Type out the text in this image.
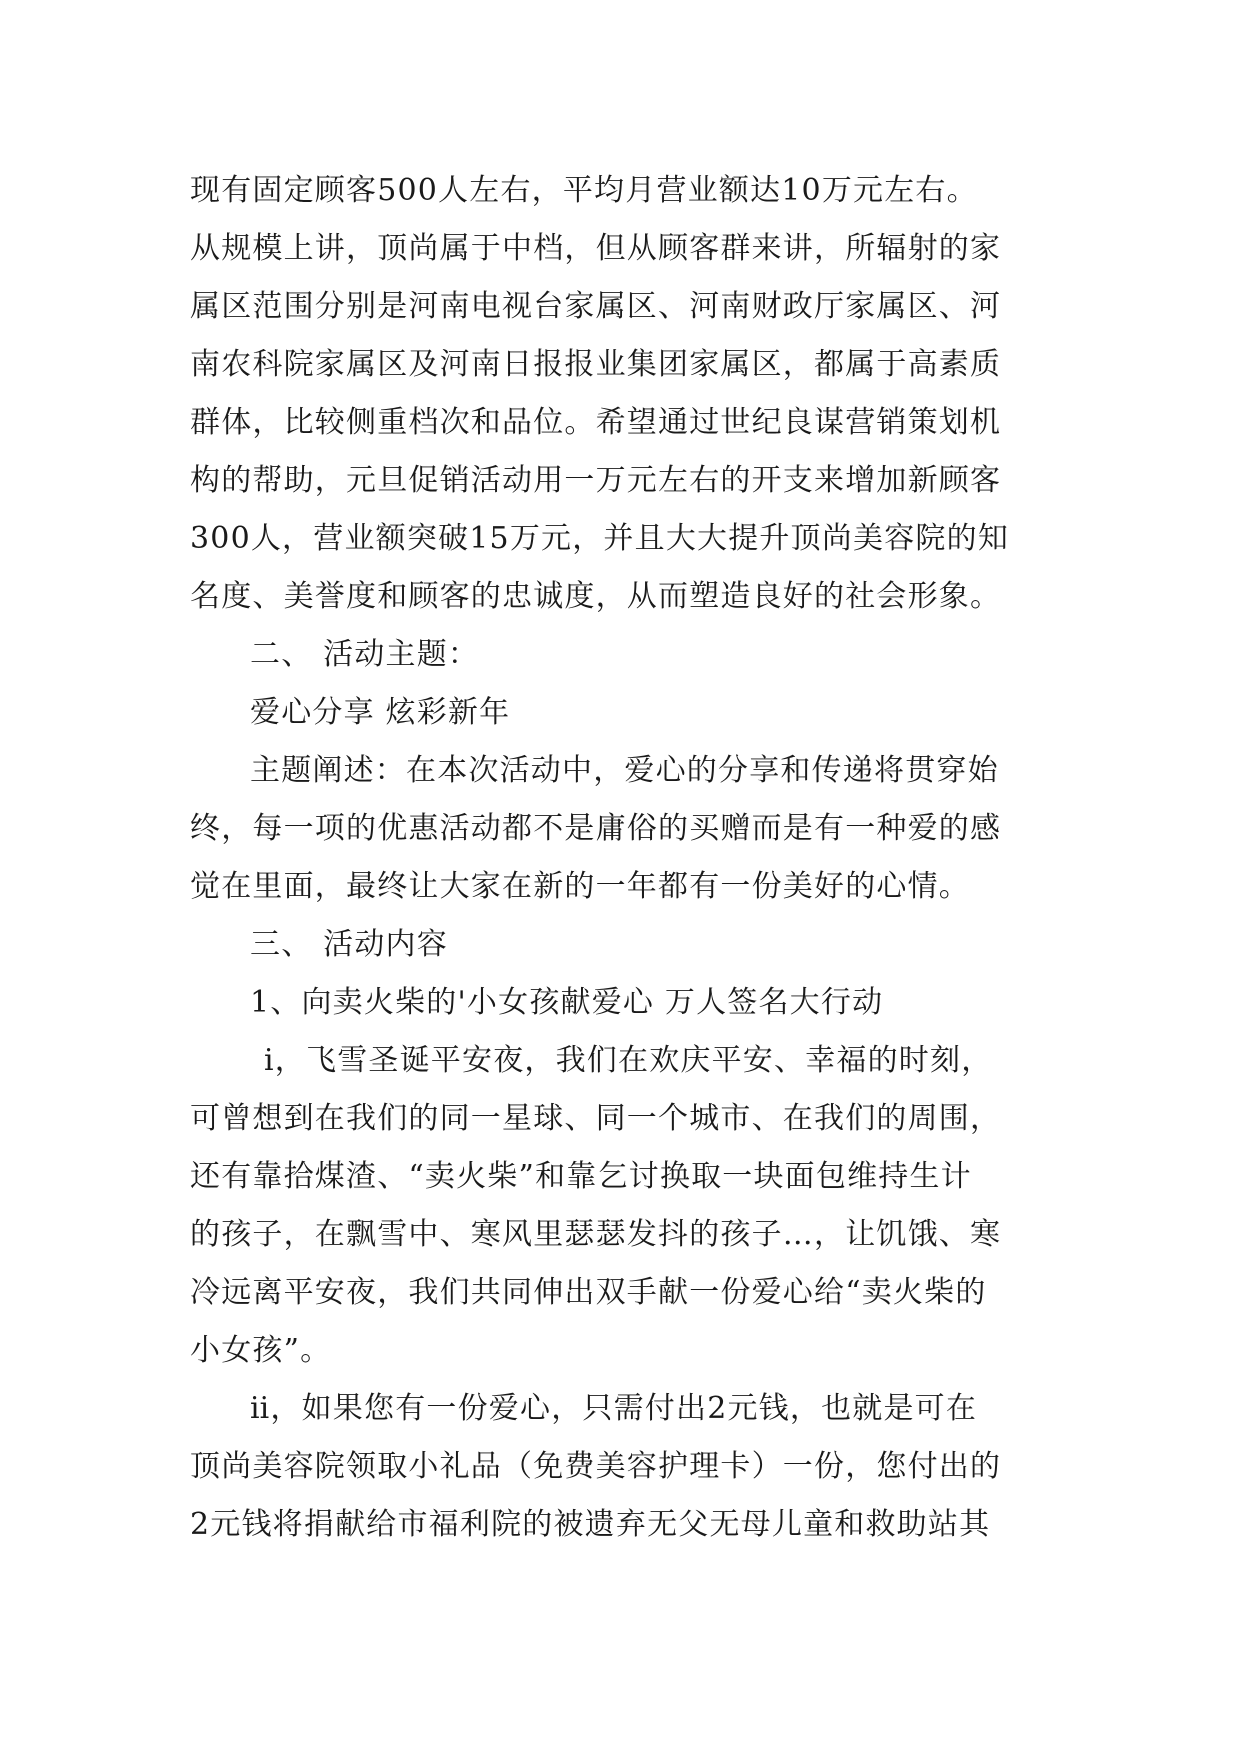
现有固定顾客500人左右，平均月营业额达10万元左右。
从规模上讲，顶尚属于中档，但从顾客群来讲，所辐射的家
属区范围分别是河南电视台家属区、河南财政厅家属区、河
南农科院家属区及河南日报报业集团家属区，都属于高素质
群体，比较侧重档次和品位。希望通过世纪良谋营销策划机
构的帮助，元旦促销活动用一万元左右的开支来增加新顾客
300人，营业额突破15万元，并且大大提升顶尚美容院的知
名度、美誉度和顾客的忠诚度，从而塑造良好的社会形象。
二、 活动主题：
爱心分享 炫彩新年
主题阐述：在本次活动中，爱心的分享和传递将贯穿始
终，每一项的优惠活动都不是庸俗的买赠而是有一种爱的感
觉在里面，最终让大家在新的一年都有一份美好的心情。
三、 活动内容
1、向卖火柴的'小女孩献爱心 万人签名大行动
ⅰ，飞雪圣诞平安夜，我们在欢庆平安、幸福的时刻，
可曾想到在我们的同一星球、同一个城市、在我们的周围，
还有靠拾煤渣、“卖火柴”和靠乞讨换取一块面包维持生计
的孩子，在飘雪中、寒风里瑟瑟发抖的孩子…，让饥饿、寒
冷远离平安夜，我们共同伸出双手献一份爱心给“卖火柴的
小女孩”。
ⅱ，如果您有一份爱心，只需付出2元钱，也就是可在
顶尚美容院领取小礼品（免费美容护理卡）一份，您付出的
2元钱将捐献给市福利院的被遗弃无父无母儿童和救助站其
